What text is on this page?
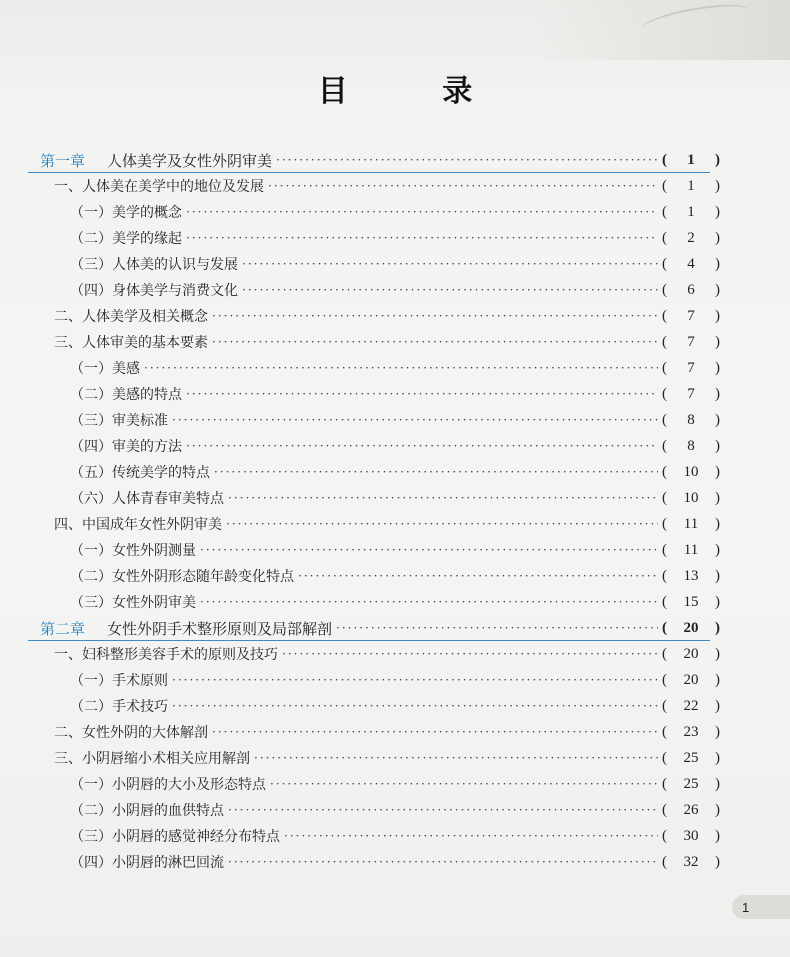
目 录
第一章 人体美学及女性外阴审美 ·····	( 1 )
一、人体美在美学中的地位及发展 ·····	( 1 )
（一）美学的概念 ·····	( 1 )
（二）美学的缘起 ·····	( 2 )
（三）人体美的认识与发展 ·····	( 4 )
（四）身体美学与消费文化 ·····	( 6 )
二、人体美学及相关概念 ·····	( 7 )
三、人体审美的基本要素 ·····	( 7 )
（一）美感 ·····	( 7 )
（二）美感的特点 ·····	( 7 )
（三）审美标准 ·····	( 8 )
（四）审美的方法 ·····	( 8 )
（五）传统美学的特点 ·····	( 10 )
（六）人体青春审美特点 ·····	( 10 )
四、中国成年女性外阴审美 ·····	( 11 )
（一）女性外阴测量 ·····	( 11 )
（二）女性外阴形态随年龄变化特点 ·····	( 13 )
（三）女性外阴审美 ·····	( 15 )
第二章 女性外阴手术整形原则及局部解剖 ·····	( 20 )
一、妇科整形美容手术的原则及技巧 ·····	( 20 )
（一）手术原则 ·····	( 20 )
（二）手术技巧 ·····	( 22 )
二、女性外阴的大体解剖 ·····	( 23 )
三、小阴唇缩小术相关应用解剖 ·····	( 25 )
（一）小阴唇的大小及形态特点 ·····	( 25 )
（二）小阴唇的血供特点 ·····	( 26 )
（三）小阴唇的感觉神经分布特点 ·····	( 30 )
（四）小阴唇的淋巴回流 ·····	( 32 )
1
